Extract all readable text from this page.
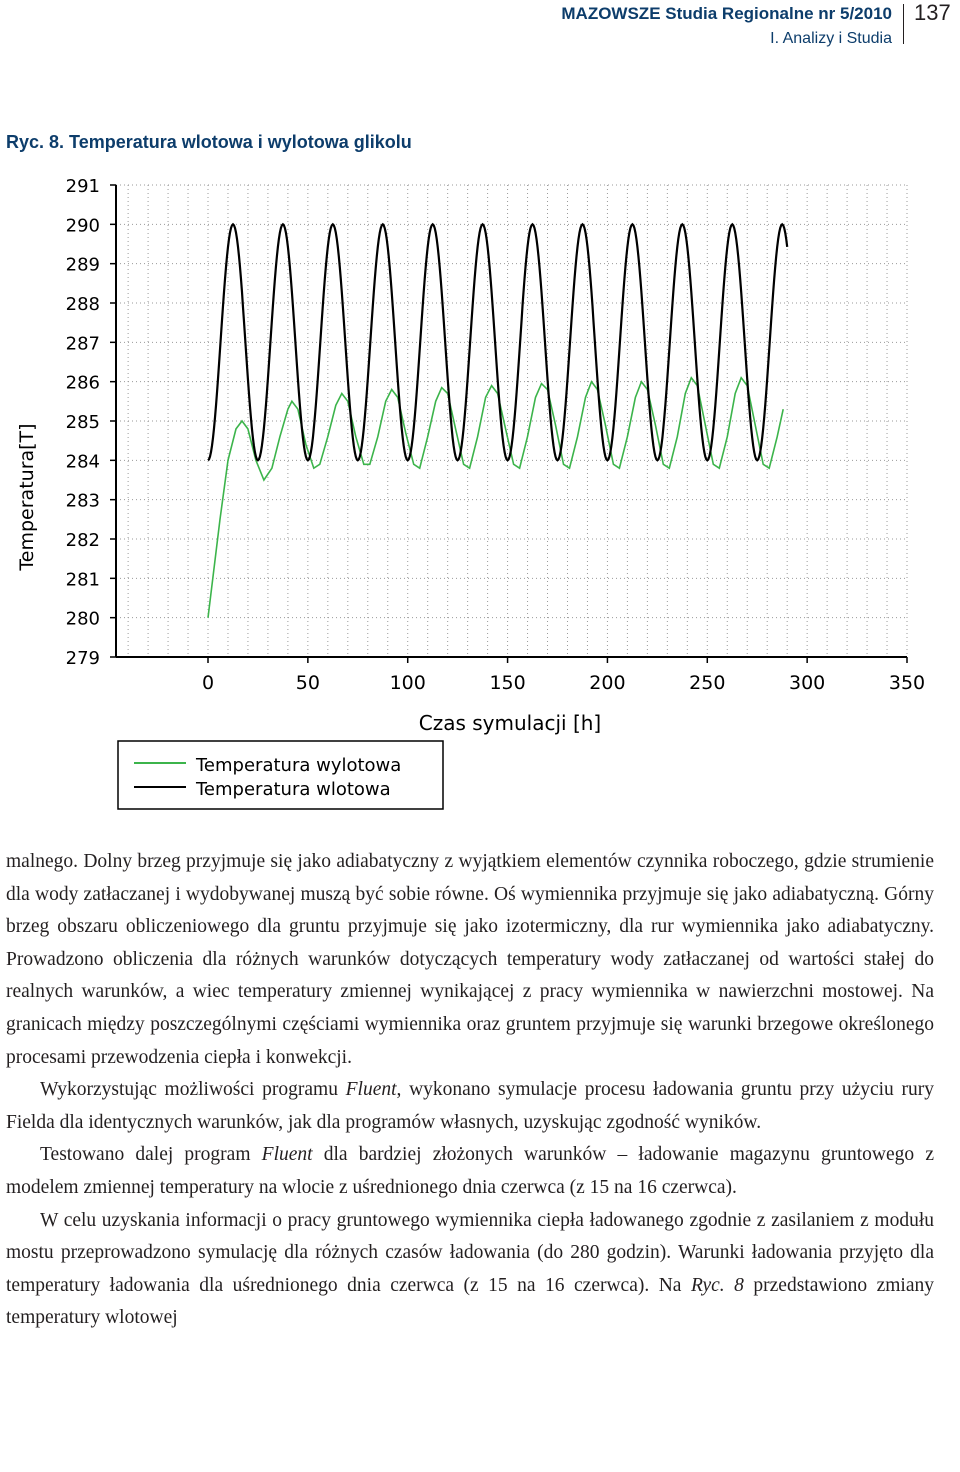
MAZOWSZE Studia Regionalne nr 5/2010
I. Analizy i Studia
137
Ryc. 8. Temperatura wlotowa i wylotowa glikolu
279
280
281
282
283
284
285
286
287
288
289
290
291
0	50	100	150	200	250	300	350
Temperatura[T]
Czas symulacji [h]
Temperatura wylotowa
Temperatura wlotowa

malnego. Dolny brzeg przyjmuje się jako adiabatyczny z wyjątkiem elementów czynnika roboczego, gdzie strumienie dla wody zatłaczanej i wydobywanej muszą być sobie równe. Oś wymiennika przyjmuje się jako adiabatyczną. Górny brzeg obszaru obliczeniowego dla gruntu przyjmuje się jako izotermiczny, dla rur wymiennika jako adiabatyczny. Prowadzono obliczenia dla różnych warunków dotyczących temperatury wody zatłaczanej od wartości stałej do realnych warunków, a wiec temperatury zmiennej wynikającej z pracy wymiennika w nawierzchni mostowej. Na granicach między poszczególnymi częściami wymiennika oraz gruntem przyjmuje się warunki brzegowe określonego procesami przewodzenia ciepła i konwekcji.

Wykorzystując możliwości programu Fluent, wykonano symulacje procesu ładowania gruntu przy użyciu rury Fielda dla identycznych warunków, jak dla programów własnych, uzyskując zgodność wyników.

Testowano dalej program Fluent dla bardziej złożonych warunków – ładowanie magazynu gruntowego z modelem zmiennej temperatury na wlocie z uśrednionego dnia czerwca (z 15 na 16 czerwca).

W celu uzyskania informacji o pracy gruntowego wymiennika ciepła ładowanego zgodnie z zasilaniem z modułu mostu przeprowadzono symulację dla różnych czasów ładowania (do 280 godzin). Warunki ładowania przyjęto dla temperatury ładowania dla uśrednionego dnia czerwca (z 15 na 16 czerwca). Na Ryc. 8 przedstawiono zmiany temperatury wlotowej
